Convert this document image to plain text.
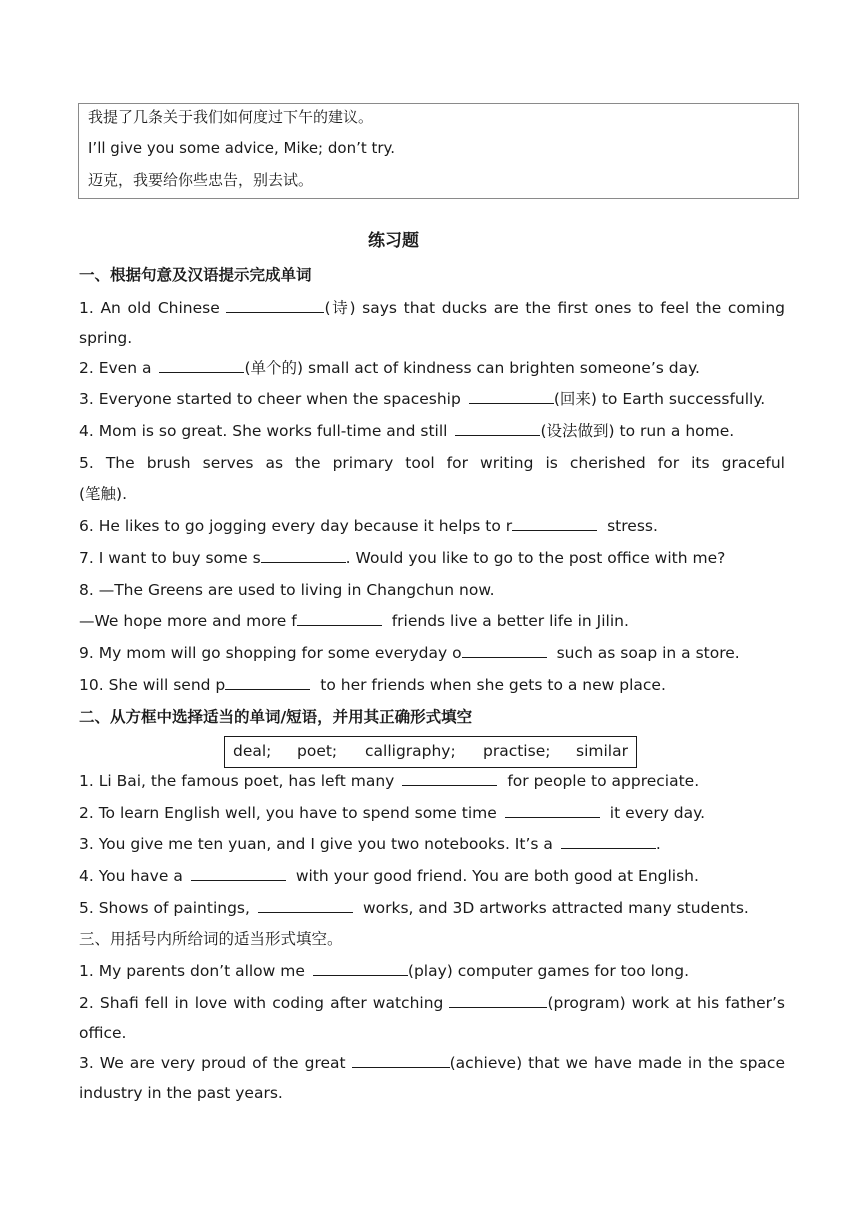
我提了几条关于我们如何度过下午的建议。
I’ll give you some advice, Mike; don’t try.
迈克，我要给你些忠告，别去试。
练习题
一、根据句意及汉语提示完成单词
1. An old Chinese	(诗) says that ducks are the first ones to feel the coming
spring.
2. Even a	(单个的) small act of kindness can brighten someone’s day.
3. Everyone started to cheer when the spaceship	(回来) to Earth successfully.
4. Mom is so great. She works full-time and still	(设法做到) to run a home.
5. The brush serves as the primary tool for writing is cherished for its graceful
(笔触).
6. He likes to go jogging every day because it helps to r	stress.
7. I want to buy some s	. Would you like to go to the post office with me?
8. —The Greens are used to living in Changchun now.
—We hope more and more f	friends live a better life in Jilin.
9. My mom will go shopping for some everyday o	such as soap in a store.
10. She will send p	to her friends when she gets to a new place.
二、从方框中选择适当的单词/短语，并用其正确形式填空
deal; poet; calligraphy; practise; similar
1. Li Bai, the famous poet, has left many	for people to appreciate.
2. To learn English well, you have to spend some time	it every day.
3. You give me ten yuan, and I give you two notebooks. It’s a	.
4. You have a	with your good friend. You are both good at English.
5. Shows of paintings,	works, and 3D artworks attracted many students.
三、用括号内所给词的适当形式填空。
1. My parents don’t allow me	(play) computer games for too long.
2. Shafi fell in love with coding after watching	(program) work at his father’s
office.
3. We are very proud of the great	(achieve) that we have made in the space
industry in the past years.
